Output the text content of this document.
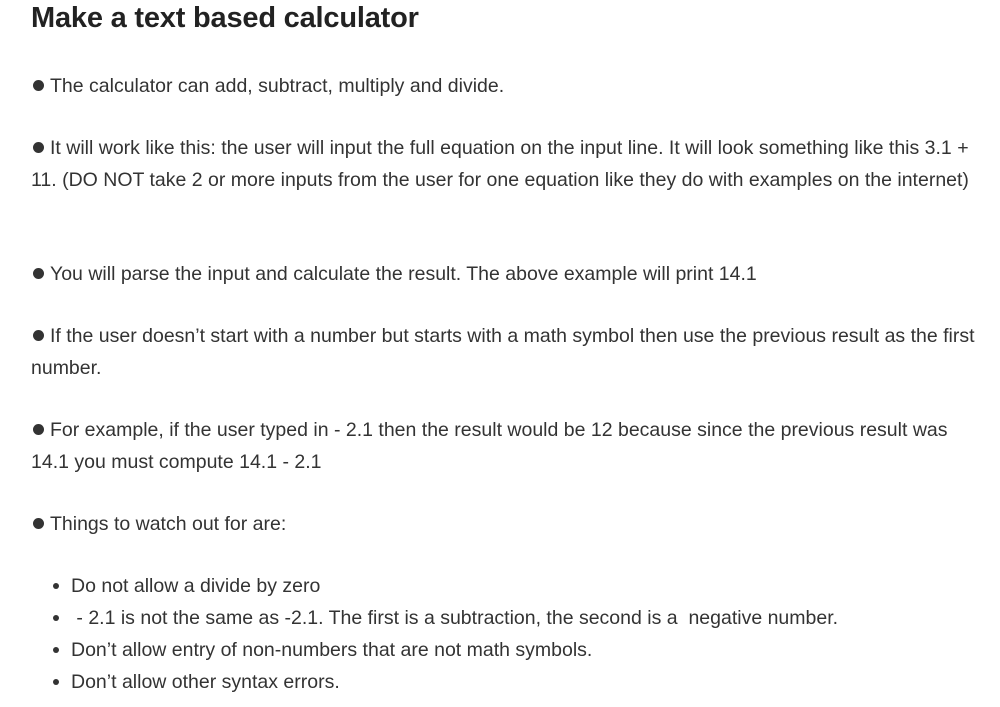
Make a text based calculator

The calculator can add, subtract, multiply and divide.

It will work like this: the user will input the full equation on the input line. It will look something like this 3.1 + 11. (DO NOT take 2 or more inputs from the user for one equation like they do with examples on the internet)

You will parse the input and calculate the result. The above example will print 14.1

If the user doesn’t start with a number but starts with a math symbol then use the previous result as the first number.

For example, if the user typed in - 2.1 then the result would be 12 because since the previous result was 14.1 you must compute 14.1 - 2.1

Things to watch out for are:

Do not allow a divide by zero
- 2.1 is not the same as -2.1. The first is a subtraction, the second is a  negative number.
Don’t allow entry of non-numbers that are not math symbols.
Don’t allow other syntax errors.
